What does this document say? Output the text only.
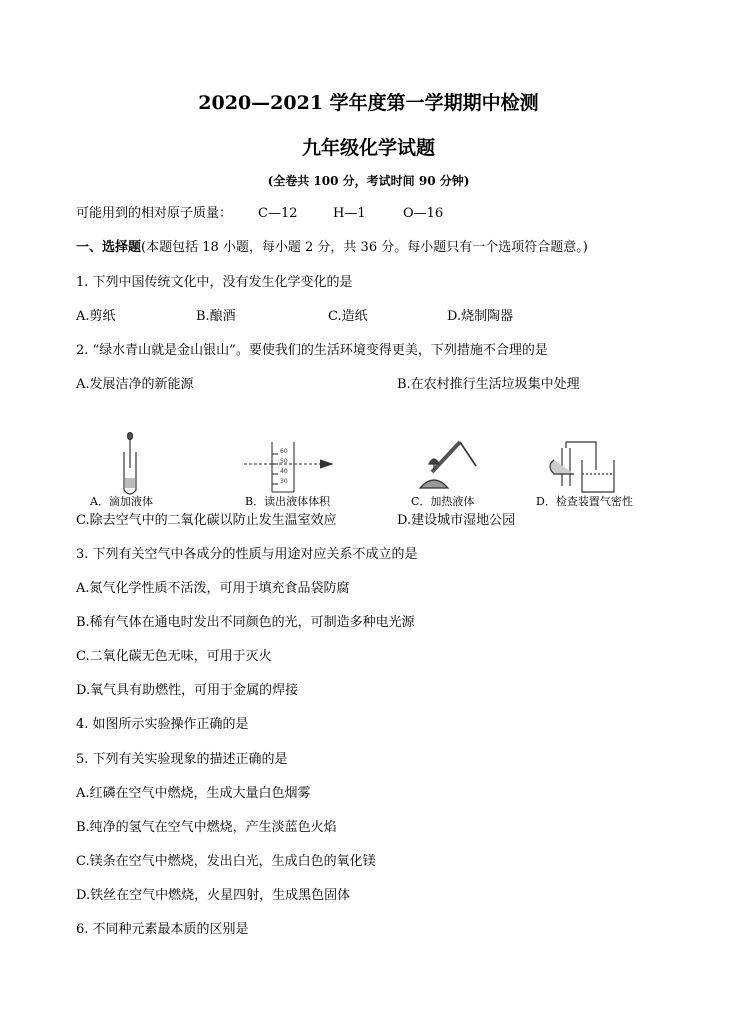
2020—2021 学年度第一学期期中检测
九年级化学试题
(全卷共 100 分，考试时间 90 分钟)
可能用到的相对原子质量： C—12	H—1	O—16
一、选择题(本题包括 18 小题，每小题 2 分，共 36 分。每小题只有一个选项符合题意。)
1. 下列中国传统文化中，没有发生化学变化的是
A.剪纸	B.酿酒	C.造纸	D.烧制陶器
2. “绿水青山就是金山银山”。要使我们的生活环境变得更美，下列措施不合理的是
A.发展洁净的新能源	B.在农村推行生活垃圾集中处理
60
50
40
30
A．滴加液体	B．读出液体体积	C．加热液体	D．检查装置气密性
C.除去空气中的二氧化碳以防止发生温室效应	D.建设城市湿地公园
3. 下列有关空气中各成分的性质与用途对应关系不成立的是
A.氮气化学性质不活泼，可用于填充食品袋防腐
B.稀有气体在通电时发出不同颜色的光，可制造多种电光源
C.二氧化碳无色无味，可用于灭火
D.氧气具有助燃性，可用于金属的焊接
4. 如图所示实验操作正确的是
5. 下列有关实验现象的描述正确的是
A.红磷在空气中燃烧，生成大量白色烟雾
B.纯净的氢气在空气中燃烧，产生淡蓝色火焰
C.镁条在空气中燃烧，发出白光，生成白色的氧化镁
D.铁丝在空气中燃烧，火星四射，生成黑色固体
6. 不同种元素最本质的区别是
